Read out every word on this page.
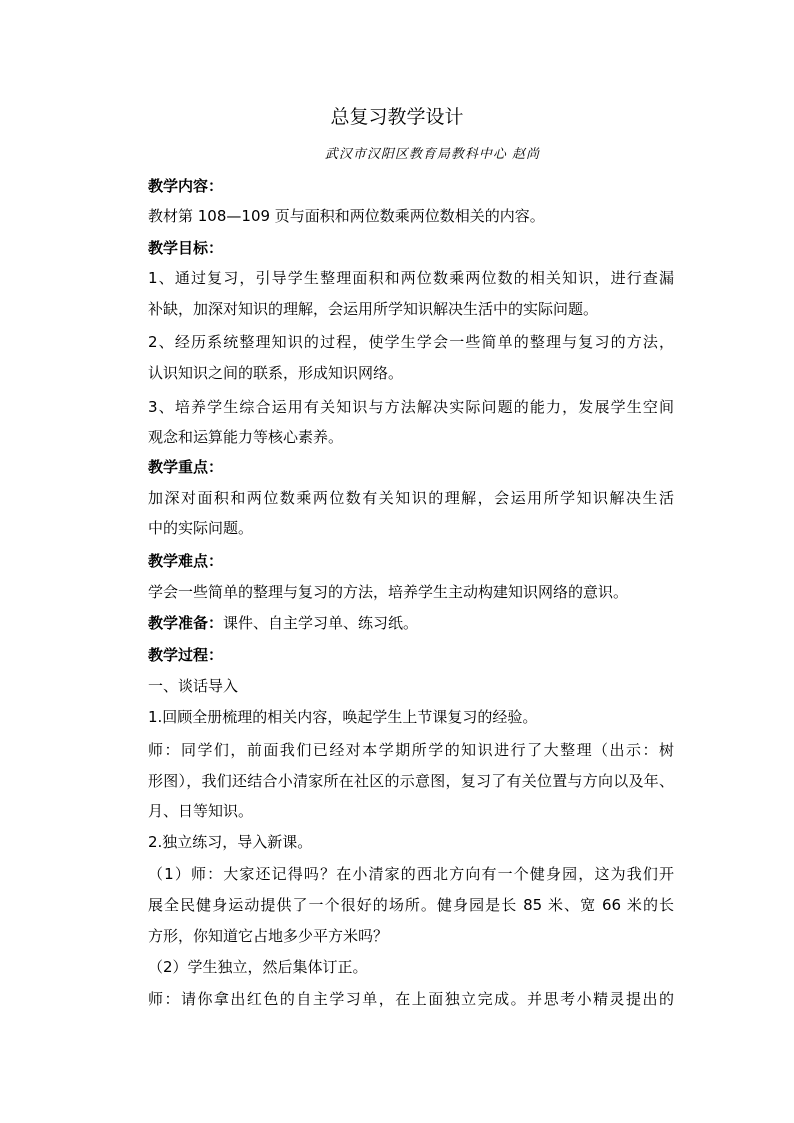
总复习教学设计
武汉市汉阳区教育局教科中心 赵尚
教学内容：
教材第 108—109 页与面积和两位数乘两位数相关的内容。
教学目标：
1、通过复习，引导学生整理面积和两位数乘两位数的相关知识，进行查漏
补缺，加深对知识的理解，会运用所学知识解决生活中的实际问题。
2、经历系统整理知识的过程，使学生学会一些简单的整理与复习的方法，
认识知识之间的联系，形成知识网络。
3、培养学生综合运用有关知识与方法解决实际问题的能力，发展学生空间
观念和运算能力等核心素养。
教学重点：
加深对面积和两位数乘两位数有关知识的理解，会运用所学知识解决生活
中的实际问题。
教学难点：
学会一些简单的整理与复习的方法，培养学生主动构建知识网络的意识。
教学准备：课件、自主学习单、练习纸。
教学过程：
一、谈话导入
1.回顾全册梳理的相关内容，唤起学生上节课复习的经验。
师：同学们，前面我们已经对本学期所学的知识进行了大整理（出示：树
形图），我们还结合小清家所在社区的示意图，复习了有关位置与方向以及年、
月、日等知识。
2.独立练习，导入新课。
（1）师：大家还记得吗？在小清家的西北方向有一个健身园，这为我们开
展全民健身运动提供了一个很好的场所。健身园是长 85 米、宽 66 米的长
方形，你知道它占地多少平方米吗？
（2）学生独立，然后集体订正。
师：请你拿出红色的自主学习单，在上面独立完成。并思考小精灵提出的
